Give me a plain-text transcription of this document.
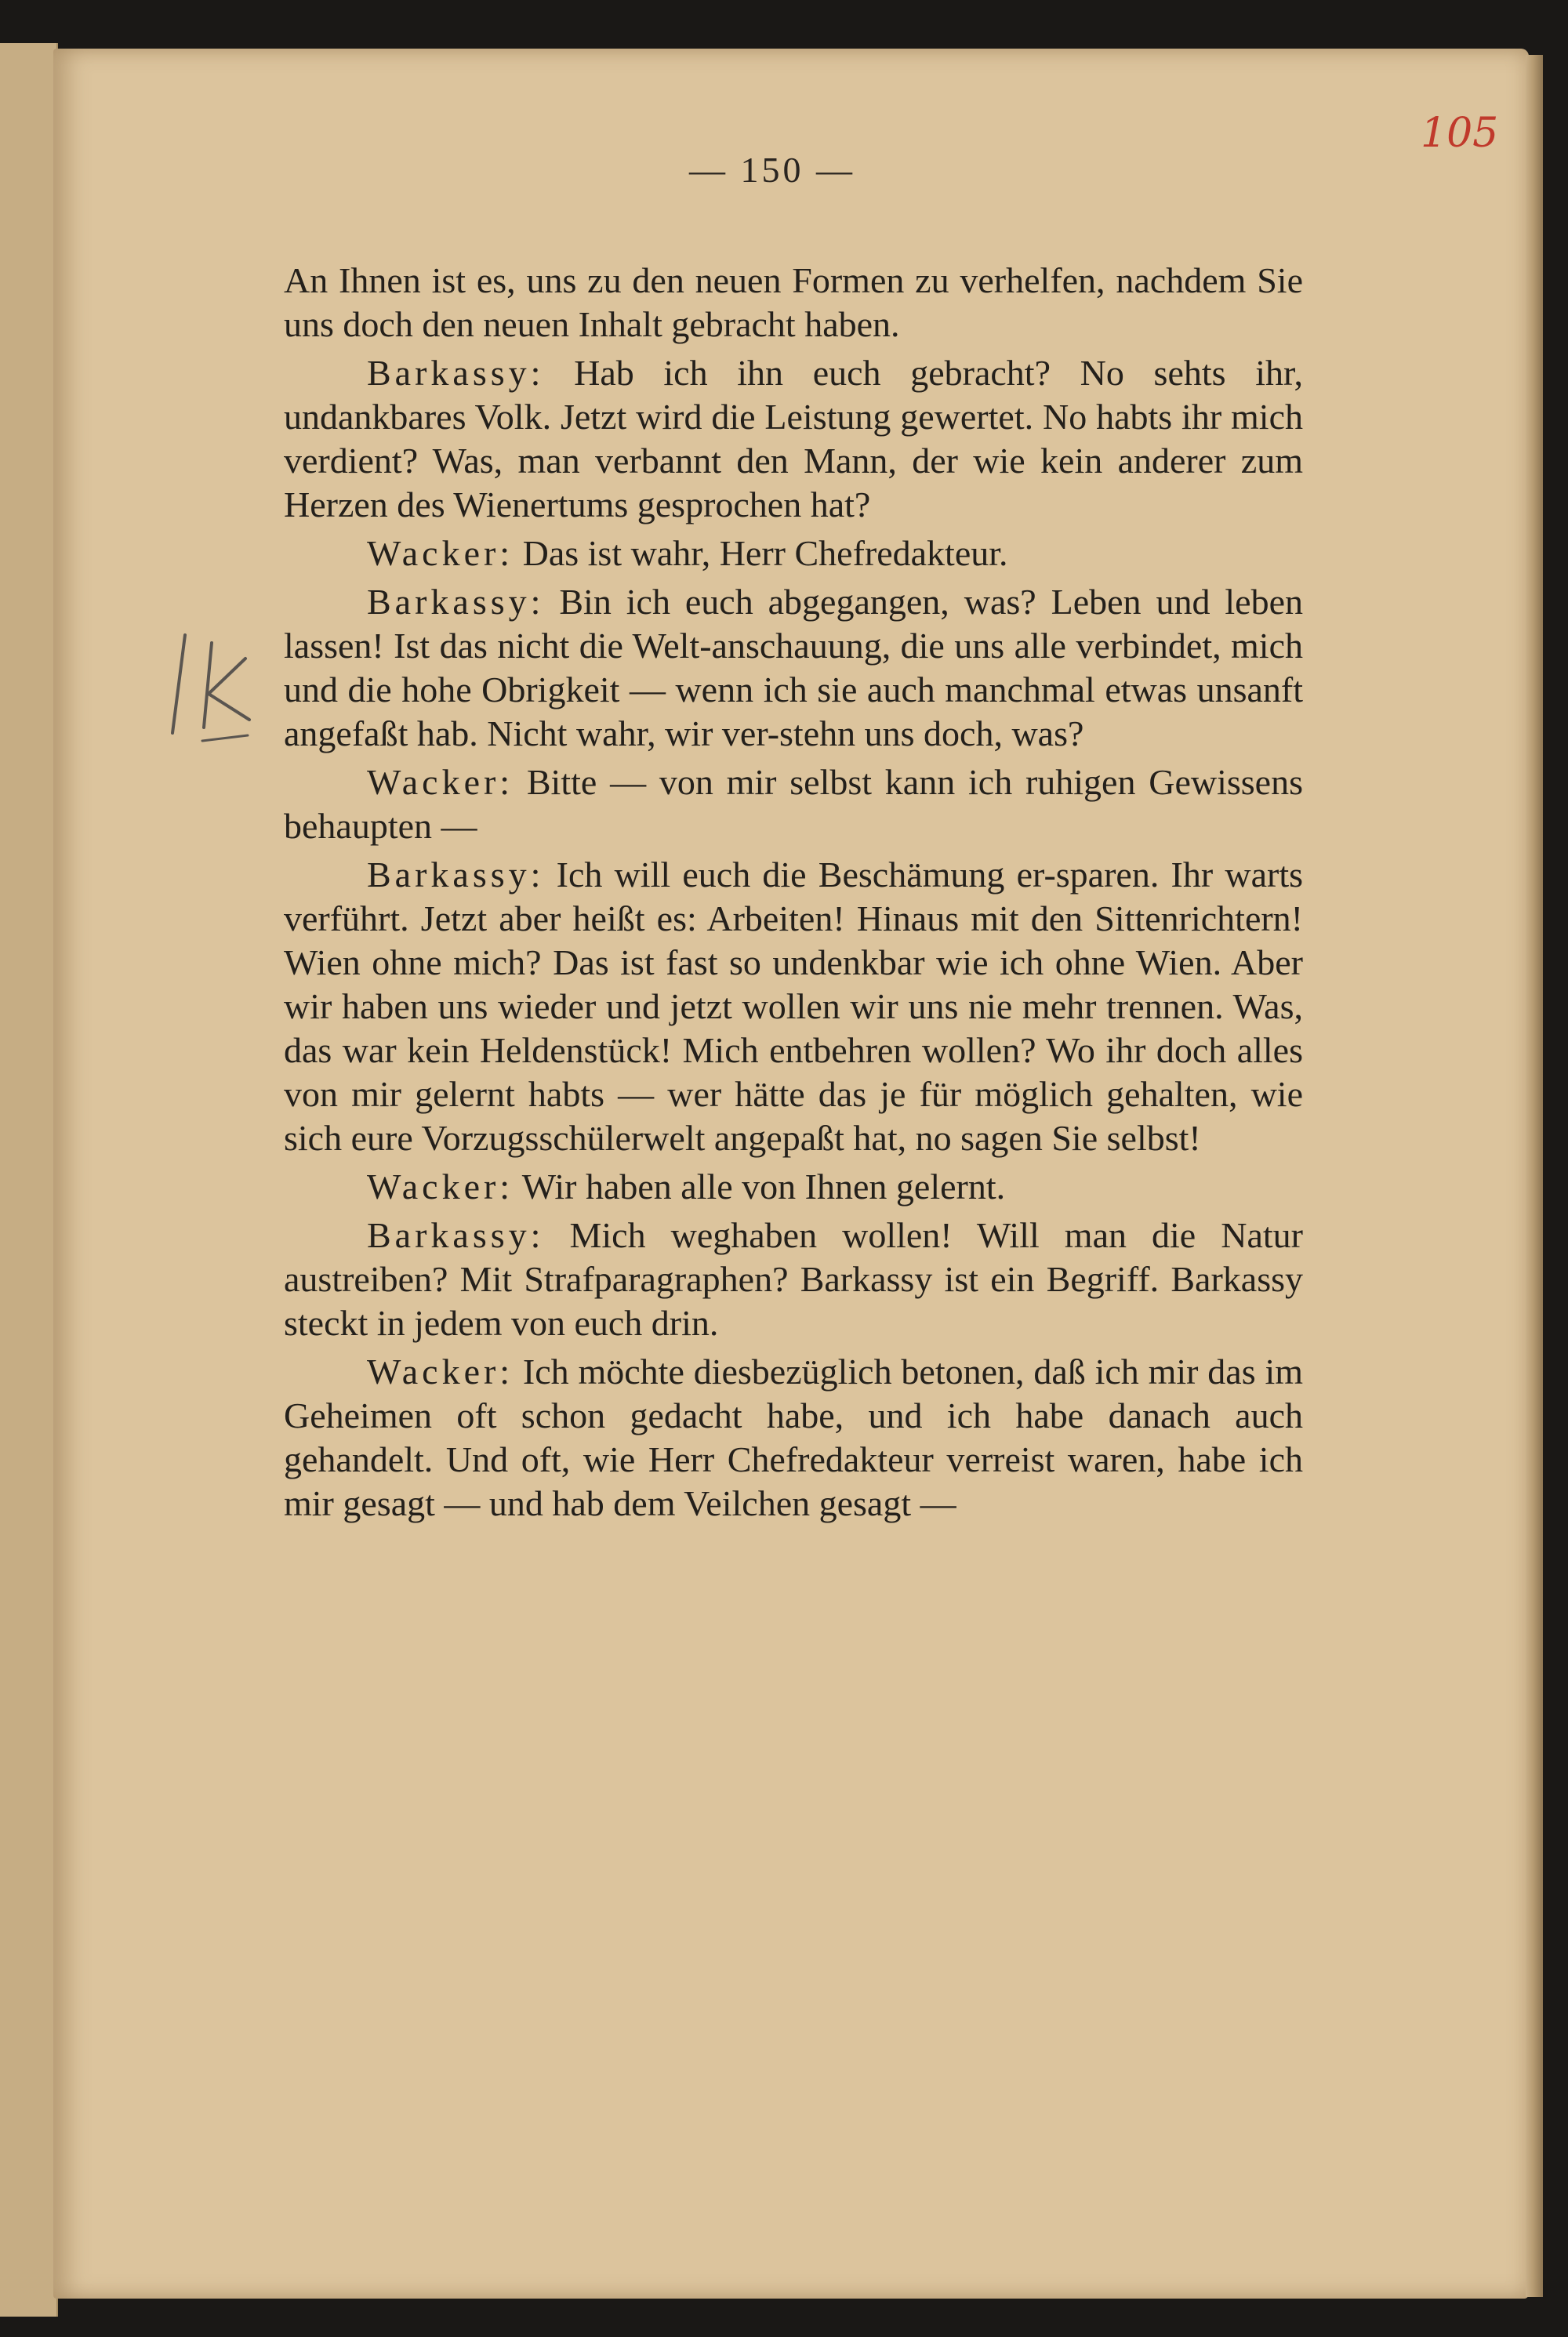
— 150 —
105

An Ihnen ist es, uns zu den neuen Formen zu verhelfen, nachdem Sie uns doch den neuen Inhalt gebracht haben.

Barkassy: Hab ich ihn euch gebracht? No sehts ihr, undankbares Volk. Jetzt wird die Leistung gewertet. No habts ihr mich verdient? Was, man verbannt den Mann, der wie kein anderer zum Herzen des Wienertums gesprochen hat?

Wacker: Das ist wahr, Herr Chefredakteur.

Barkassy: Bin ich euch abgegangen, was? Leben und leben lassen! Ist das nicht die Welt-anschauung, die uns alle verbindet, mich und die hohe Obrigkeit — wenn ich sie auch manchmal etwas unsanft angefaßt hab. Nicht wahr, wir ver-stehn uns doch, was?

Wacker: Bitte — von mir selbst kann ich ruhigen Gewissens behaupten —

Barkassy: Ich will euch die Beschämung er-sparen. Ihr warts verführt. Jetzt aber heißt es: Arbeiten! Hinaus mit den Sittenrichtern! Wien ohne mich? Das ist fast so undenkbar wie ich ohne Wien. Aber wir haben uns wieder und jetzt wollen wir uns nie mehr trennen. Was, das war kein Heldenstück! Mich entbehren wollen? Wo ihr doch alles von mir gelernt habts — wer hätte das je für möglich gehalten, wie sich eure Vorzugsschülerwelt angepaßt hat, no sagen Sie selbst!

Wacker: Wir haben alle von Ihnen gelernt.

Barkassy: Mich weghaben wollen! Will man die Natur austreiben? Mit Strafparagraphen? Barkassy ist ein Begriff. Barkassy steckt in jedem von euch drin.

Wacker: Ich möchte diesbezüglich betonen, daß ich mir das im Geheimen oft schon gedacht habe, und ich habe danach auch gehandelt. Und oft, wie Herr Chefredakteur verreist waren, habe ich mir gesagt — und hab dem Veilchen gesagt —
